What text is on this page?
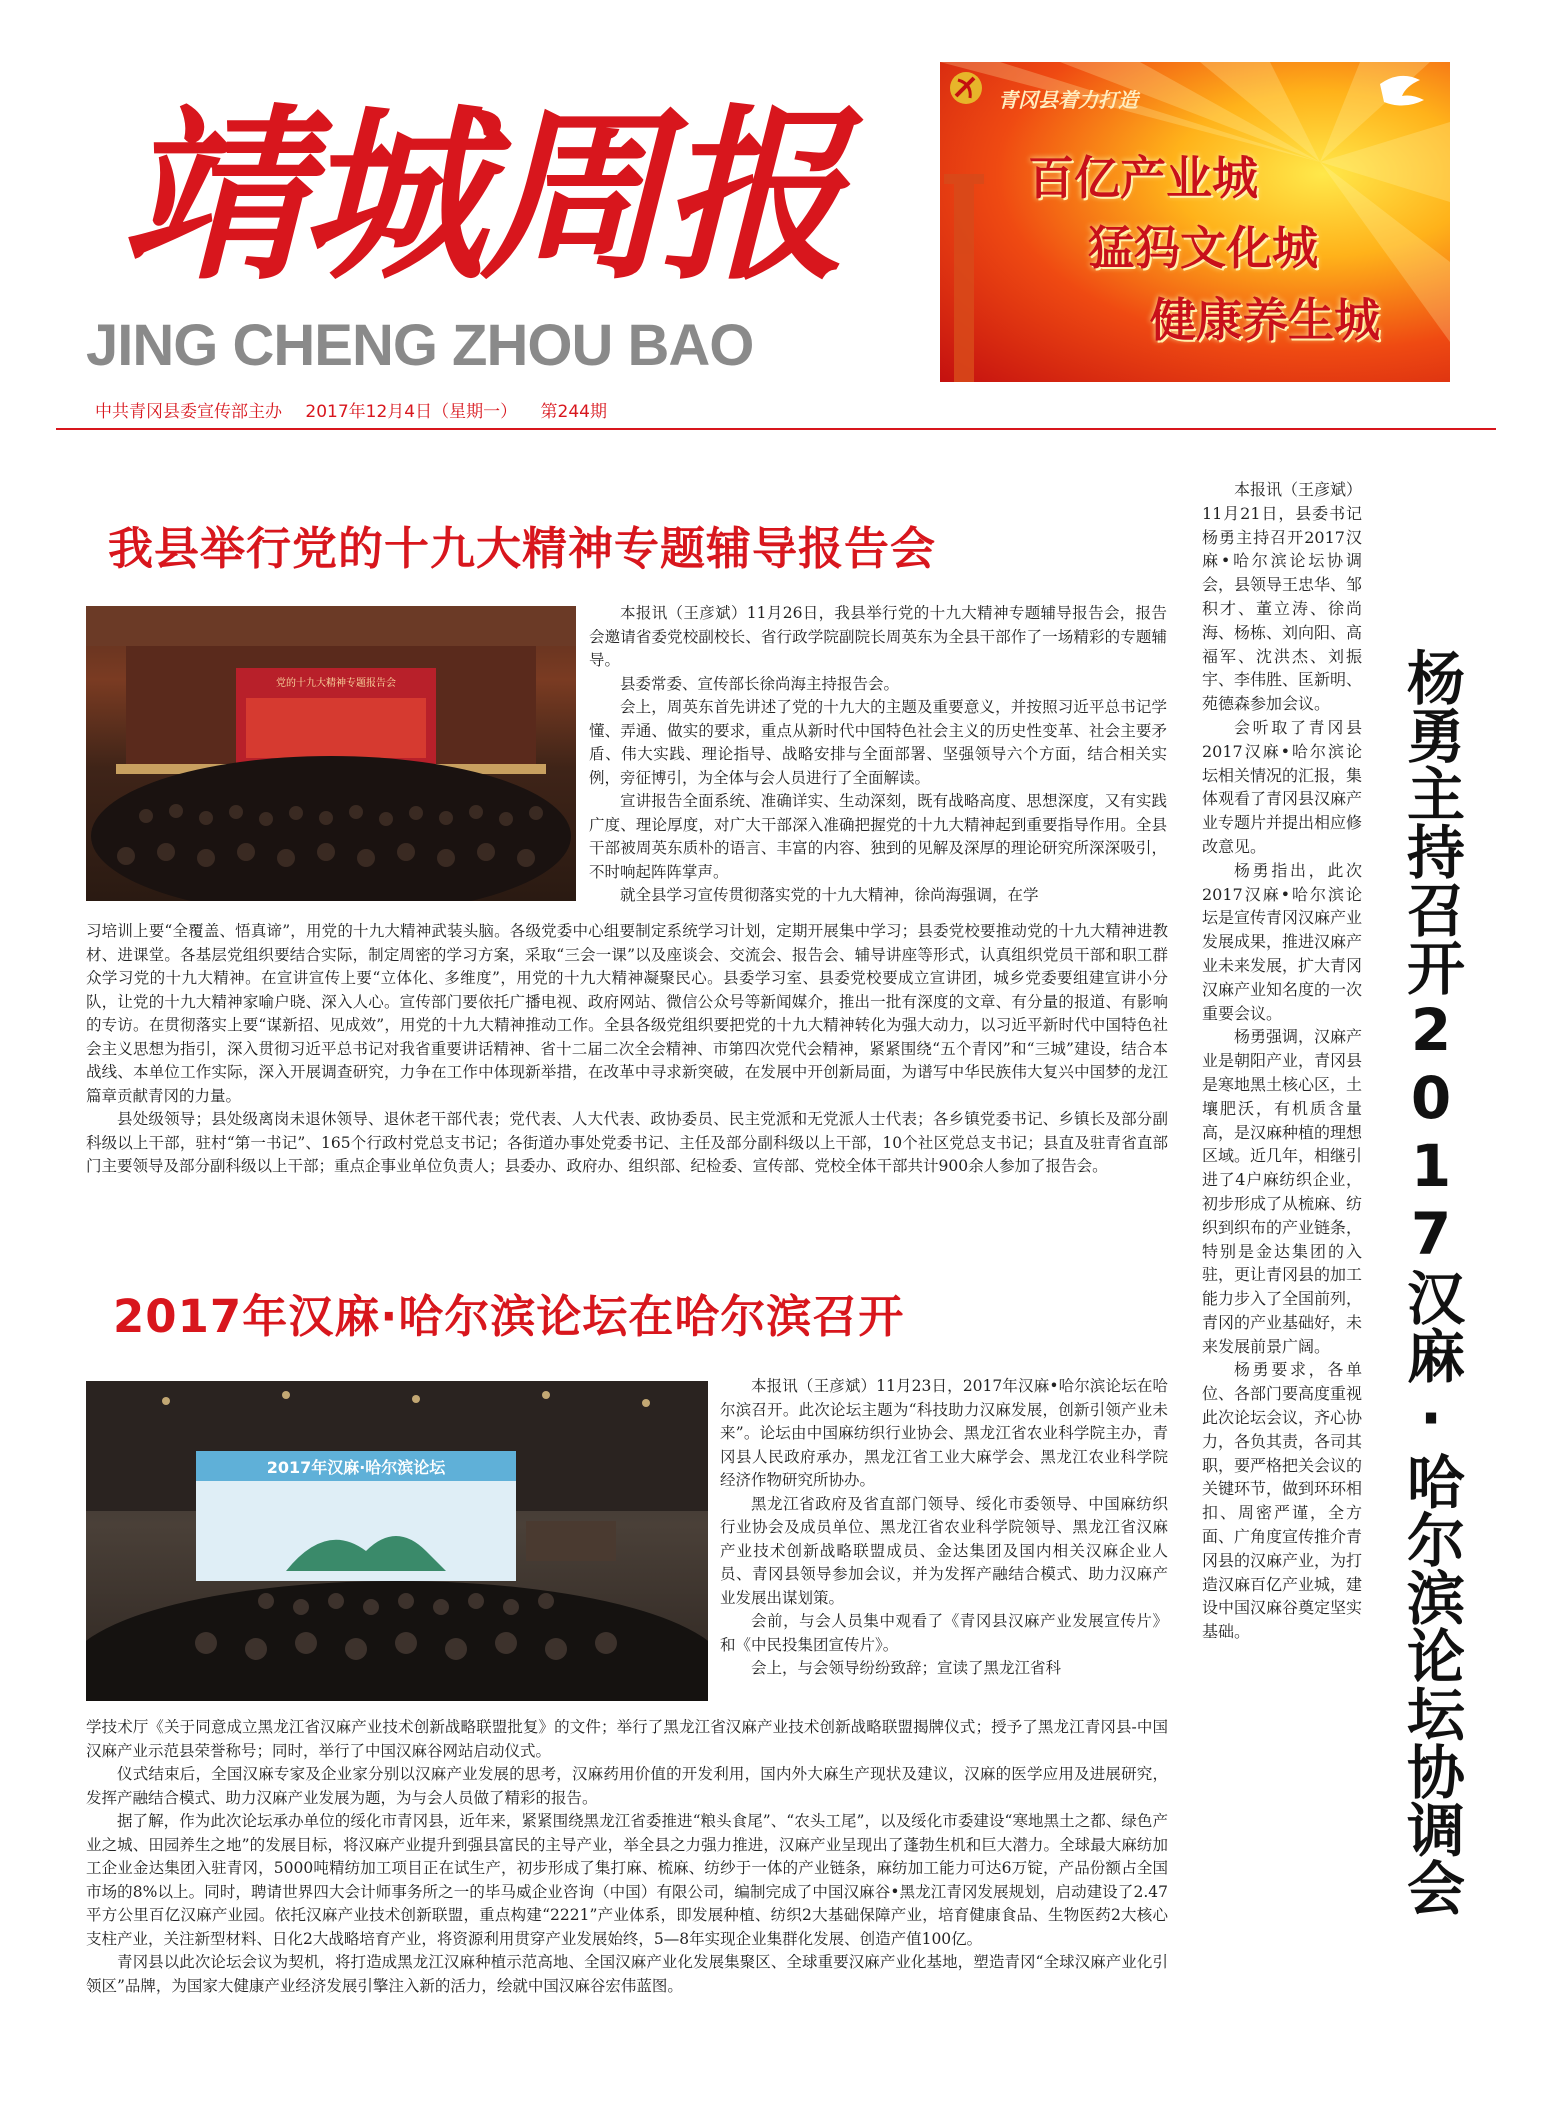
靖城周报
JING CHENG ZHOU BAO
中共青冈县委宣传部主办 2017年12月4日（星期一） 第244期
青冈县着力打造
百亿产业城
猛犸文化城
健康养生城
我县举行党的十九大精神专题辅导报告会
党的十九大精神专题报告会

本报讯（王彦斌）11月26日，我县举行党的十九大精神专题辅导报告会，报告会邀请省委党校副校长、省行政学院副院长周英东为全县干部作了一场精彩的专题辅导。

县委常委、宣传部长徐尚海主持报告会。

会上，周英东首先讲述了党的十九大的主题及重要意义，并按照习近平总书记学懂、弄通、做实的要求，重点从新时代中国特色社会主义的历史性变革、社会主要矛盾、伟大实践、理论指导、战略安排与全面部署、坚强领导六个方面，结合相关实例，旁征博引，为全体与会人员进行了全面解读。

宣讲报告全面系统、准确详实、生动深刻，既有战略高度、思想深度，又有实践广度、理论厚度，对广大干部深入准确把握党的十九大精神起到重要指导作用。全县干部被周英东质朴的语言、丰富的内容、独到的见解及深厚的理论研究所深深吸引，不时响起阵阵掌声。

就全县学习宣传贯彻落实党的十九大精神，徐尚海强调，在学

习培训上要“全覆盖、悟真谛”，用党的十九大精神武装头脑。各级党委中心组要制定系统学习计划，定期开展集中学习；县委党校要推动党的十九大精神进教材、进课堂。各基层党组织要结合实际，制定周密的学习方案，采取“三会一课”以及座谈会、交流会、报告会、辅导讲座等形式，认真组织党员干部和职工群众学习党的十九大精神。在宣讲宣传上要“立体化、多维度”，用党的十九大精神凝聚民心。县委学习室、县委党校要成立宣讲团，城乡党委要组建宣讲小分队，让党的十九大精神家喻户晓、深入人心。宣传部门要依托广播电视、政府网站、微信公众号等新闻媒介，推出一批有深度的文章、有分量的报道、有影响的专访。在贯彻落实上要“谋新招、见成效”，用党的十九大精神推动工作。全县各级党组织要把党的十九大精神转化为强大动力，以习近平新时代中国特色社会主义思想为指引，深入贯彻习近平总书记对我省重要讲话精神、省十二届二次全会精神、市第四次党代会精神，紧紧围绕“五个青冈”和“三城”建设，结合本战线、本单位工作实际，深入开展调查研究，力争在工作中体现新举措，在改革中寻求新突破，在发展中开创新局面，为谱写中华民族伟大复兴中国梦的龙江篇章贡献青冈的力量。

县处级领导；县处级离岗未退休领导、退休老干部代表；党代表、人大代表、政协委员、民主党派和无党派人士代表；各乡镇党委书记、乡镇长及部分副科级以上干部，驻村“第一书记”、165个行政村党总支书记；各街道办事处党委书记、主任及部分副科级以上干部，10个社区党总支书记；县直及驻青省直部门主要领导及部分副科级以上干部；重点企事业单位负责人；县委办、政府办、组织部、纪检委、宣传部、党校全体干部共计900余人参加了报告会。

2017年汉麻·哈尔滨论坛在哈尔滨召开
2017年汉麻·哈尔滨论坛

本报讯（王彦斌）11月23日，2017年汉麻•哈尔滨论坛在哈尔滨召开。此次论坛主题为“科技助力汉麻发展，创新引领产业未来”。论坛由中国麻纺织行业协会、黑龙江省农业科学院主办，青冈县人民政府承办，黑龙江省工业大麻学会、黑龙江农业科学院经济作物研究所协办。

黑龙江省政府及省直部门领导、绥化市委领导、中国麻纺织行业协会及成员单位、黑龙江省农业科学院领导、黑龙江省汉麻产业技术创新战略联盟成员、金达集团及国内相关汉麻企业人员、青冈县领导参加会议，并为发挥产融结合模式、助力汉麻产业发展出谋划策。

会前，与会人员集中观看了《青冈县汉麻产业发展宣传片》和《中民投集团宣传片》。

会上，与会领导纷纷致辞；宣读了黑龙江省科

学技术厅《关于同意成立黑龙江省汉麻产业技术创新战略联盟批复》的文件；举行了黑龙江省汉麻产业技术创新战略联盟揭牌仪式；授予了黑龙江青冈县-中国汉麻产业示范县荣誉称号；同时，举行了中国汉麻谷网站启动仪式。

仪式结束后，全国汉麻专家及企业家分别以汉麻产业发展的思考，汉麻药用价值的开发利用，国内外大麻生产现状及建议，汉麻的医学应用及进展研究，发挥产融结合模式、助力汉麻产业发展为题，为与会人员做了精彩的报告。

据了解，作为此次论坛承办单位的绥化市青冈县，近年来，紧紧围绕黑龙江省委推进“粮头食尾”、“农头工尾”，以及绥化市委建设“寒地黑土之都、绿色产业之城、田园养生之地”的发展目标，将汉麻产业提升到强县富民的主导产业，举全县之力强力推进，汉麻产业呈现出了蓬勃生机和巨大潜力。全球最大麻纺加工企业金达集团入驻青冈，5000吨精纺加工项目正在试生产，初步形成了集打麻、梳麻、纺纱于一体的产业链条，麻纺加工能力可达6万锭，产品份额占全国市场的8%以上。同时，聘请世界四大会计师事务所之一的毕马威企业咨询（中国）有限公司，编制完成了中国汉麻谷•黑龙江青冈发展规划，启动建设了2.47平方公里百亿汉麻产业园。依托汉麻产业技术创新联盟，重点构建“2221”产业体系，即发展种植、纺织2大基础保障产业，培育健康食品、生物医药2大核心支柱产业，关注新型材料、日化2大战略培育产业，将资源利用贯穿产业发展始终，5—8年实现企业集群化发展、创造产值100亿。

青冈县以此次论坛会议为契机，将打造成黑龙江汉麻种植示范高地、全国汉麻产业化发展集聚区、全球重要汉麻产业化基地，塑造青冈“全球汉麻产业化引领区”品牌，为国家大健康产业经济发展引擎注入新的活力，绘就中国汉麻谷宏伟蓝图。

本报讯（王彦斌）11月21日，县委书记杨勇主持召开2017汉麻•哈尔滨论坛协调会，县领导王忠华、邹积才、董立涛、徐尚海、杨栋、刘向阳、高福军、沈洪杰、刘振宇、李伟胜、匡新明、苑德森参加会议。

会听取了青冈县2017汉麻•哈尔滨论坛相关情况的汇报，集体观看了青冈县汉麻产业专题片并提出相应修改意见。

杨勇指出，此次2017汉麻•哈尔滨论坛是宣传青冈汉麻产业发展成果，推进汉麻产业未来发展，扩大青冈汉麻产业知名度的一次重要会议。

杨勇强调，汉麻产业是朝阳产业，青冈县是寒地黑土核心区，土壤肥沃，有机质含量高，是汉麻种植的理想区域。近几年，相继引进了4户麻纺织企业，初步形成了从梳麻、纺织到织布的产业链条，特别是金达集团的入驻，更让青冈县的加工能力步入了全国前列，青冈的产业基础好，未来发展前景广阔。

杨勇要求，各单位、各部门要高度重视此次论坛会议，齐心协力，各负其责，各司其职，要严格把关会议的关键环节，做到环环相扣、周密严谨，全方面、广角度宣传推介青冈县的汉麻产业，为打造汉麻百亿产业城，建设中国汉麻谷奠定坚实基础。	杨勇主持召开2017汉麻·哈尔滨论坛协调会
